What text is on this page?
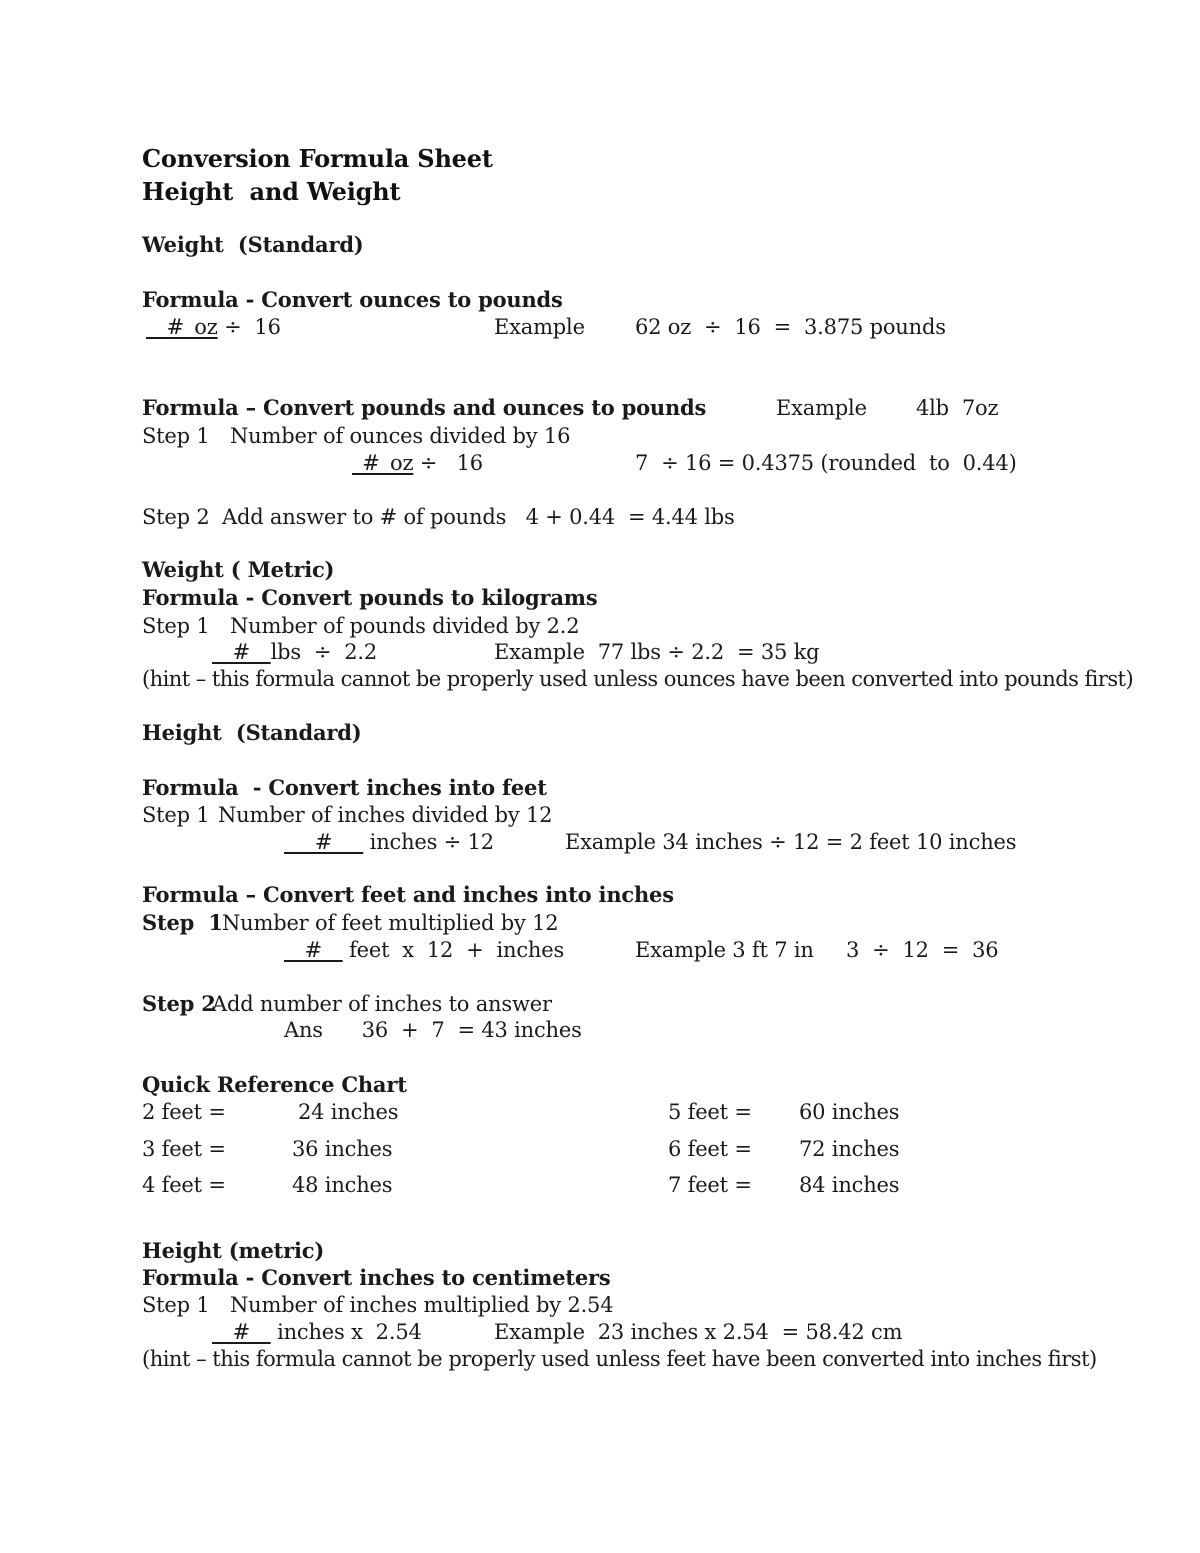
Conversion Formula Sheet
Height  and Weight
Weight  (Standard)
Formula - Convert ounces to pounds
__#_oz ÷  16	Example 62 oz  ÷  16  =  3.875 pounds
Formula – Convert pounds and ounces to pounds	Example 4lb  7oz
Step 1 Number of ounces divided by 16
_#_oz ÷   16	7  ÷ 16 = 0.4375 (rounded  to  0.44)
Step 2 Add answer to # of pounds   4 + 0.44  = 4.44 lbs
Weight ( Metric)
Formula - Convert pounds to kilograms
Step 1 Number of pounds divided by 2.2
__#__lbs  ÷  2.2	Example  77 lbs ÷ 2.2  = 35 kg
(hint – this formula cannot be properly used unless ounces have been converted into pounds first)
Height  (Standard)
Formula  - Convert inches into feet
Step 1 Number of inches divided by 12
___#___ inches ÷ 12	Example 34 inches ÷ 12 = 2 feet 10 inches
Formula – Convert feet and inches into inches
Step  1 Number of feet multiplied by 12
__#__ feet  x  12  +  inches	Example 3 ft 7 in     3  ÷  12  =  36
Step 2
Add number of inches to answer
Ans      36  +  7  = 43 inches
Quick Reference Chart
2 feet =	24 inches	5 feet = 60 inches
3 feet =	36 inches	6 feet = 72 inches
4 feet =	48 inches	7 feet = 84 inches
Height (metric)
Formula - Convert inches to centimeters
Step 1 Number of inches multiplied by 2.54
__#__ inches x  2.54	Example  23 inches x 2.54  = 58.42 cm
(hint – this formula cannot be properly used unless feet have been converted into inches first)
